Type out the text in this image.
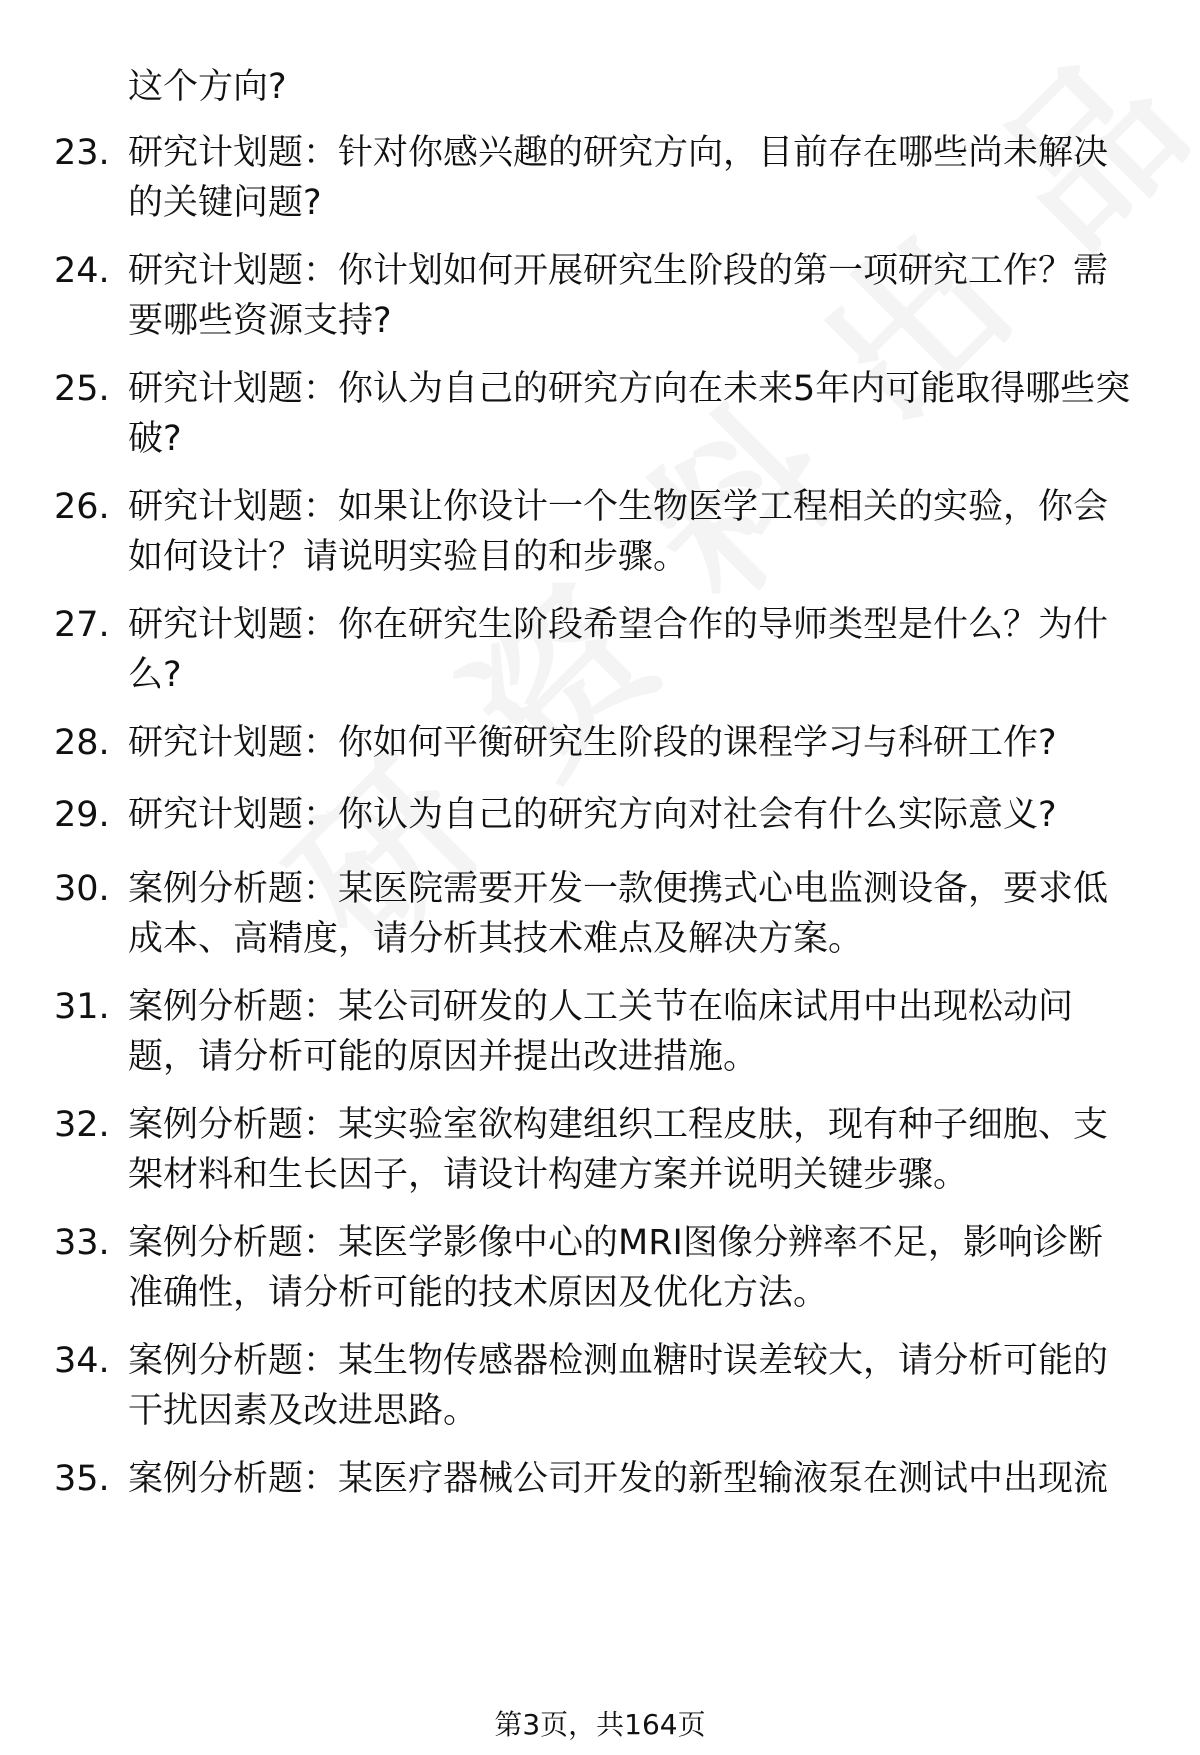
这个方向?
23. 研究计划题：针对你感兴趣的研究方向，目前存在哪些尚未解决
的关键问题?
24. 研究计划题：你计划如何开展研究生阶段的第一项研究工作？需
要哪些资源支持?
25. 研究计划题：你认为自己的研究方向在未来5年内可能取得哪些突
破?
26. 研究计划题：如果让你设计一个生物医学工程相关的实验，你会
如何设计？请说明实验目的和步骤。
27. 研究计划题：你在研究生阶段希望合作的导师类型是什么？为什
么?
28. 研究计划题：你如何平衡研究生阶段的课程学习与科研工作?
29. 研究计划题：你认为自己的研究方向对社会有什么实际意义?
30. 案例分析题：某医院需要开发一款便携式心电监测设备，要求低
成本、高精度，请分析其技术难点及解决方案。
31. 案例分析题：某公司研发的人工关节在临床试用中出现松动问
题，请分析可能的原因并提出改进措施。
32. 案例分析题：某实验室欲构建组织工程皮肤，现有种子细胞、支
架材料和生长因子，请设计构建方案并说明关键步骤。
33. 案例分析题：某医学影像中心的MRI图像分辨率不足，影响诊断
准确性，请分析可能的技术原因及优化方法。
34. 案例分析题：某生物传感器检测血糖时误差较大，请分析可能的
干扰因素及改进思路。
35. 案例分析题：某医疗器械公司开发的新型输液泵在测试中出现流
第3页，共164页
